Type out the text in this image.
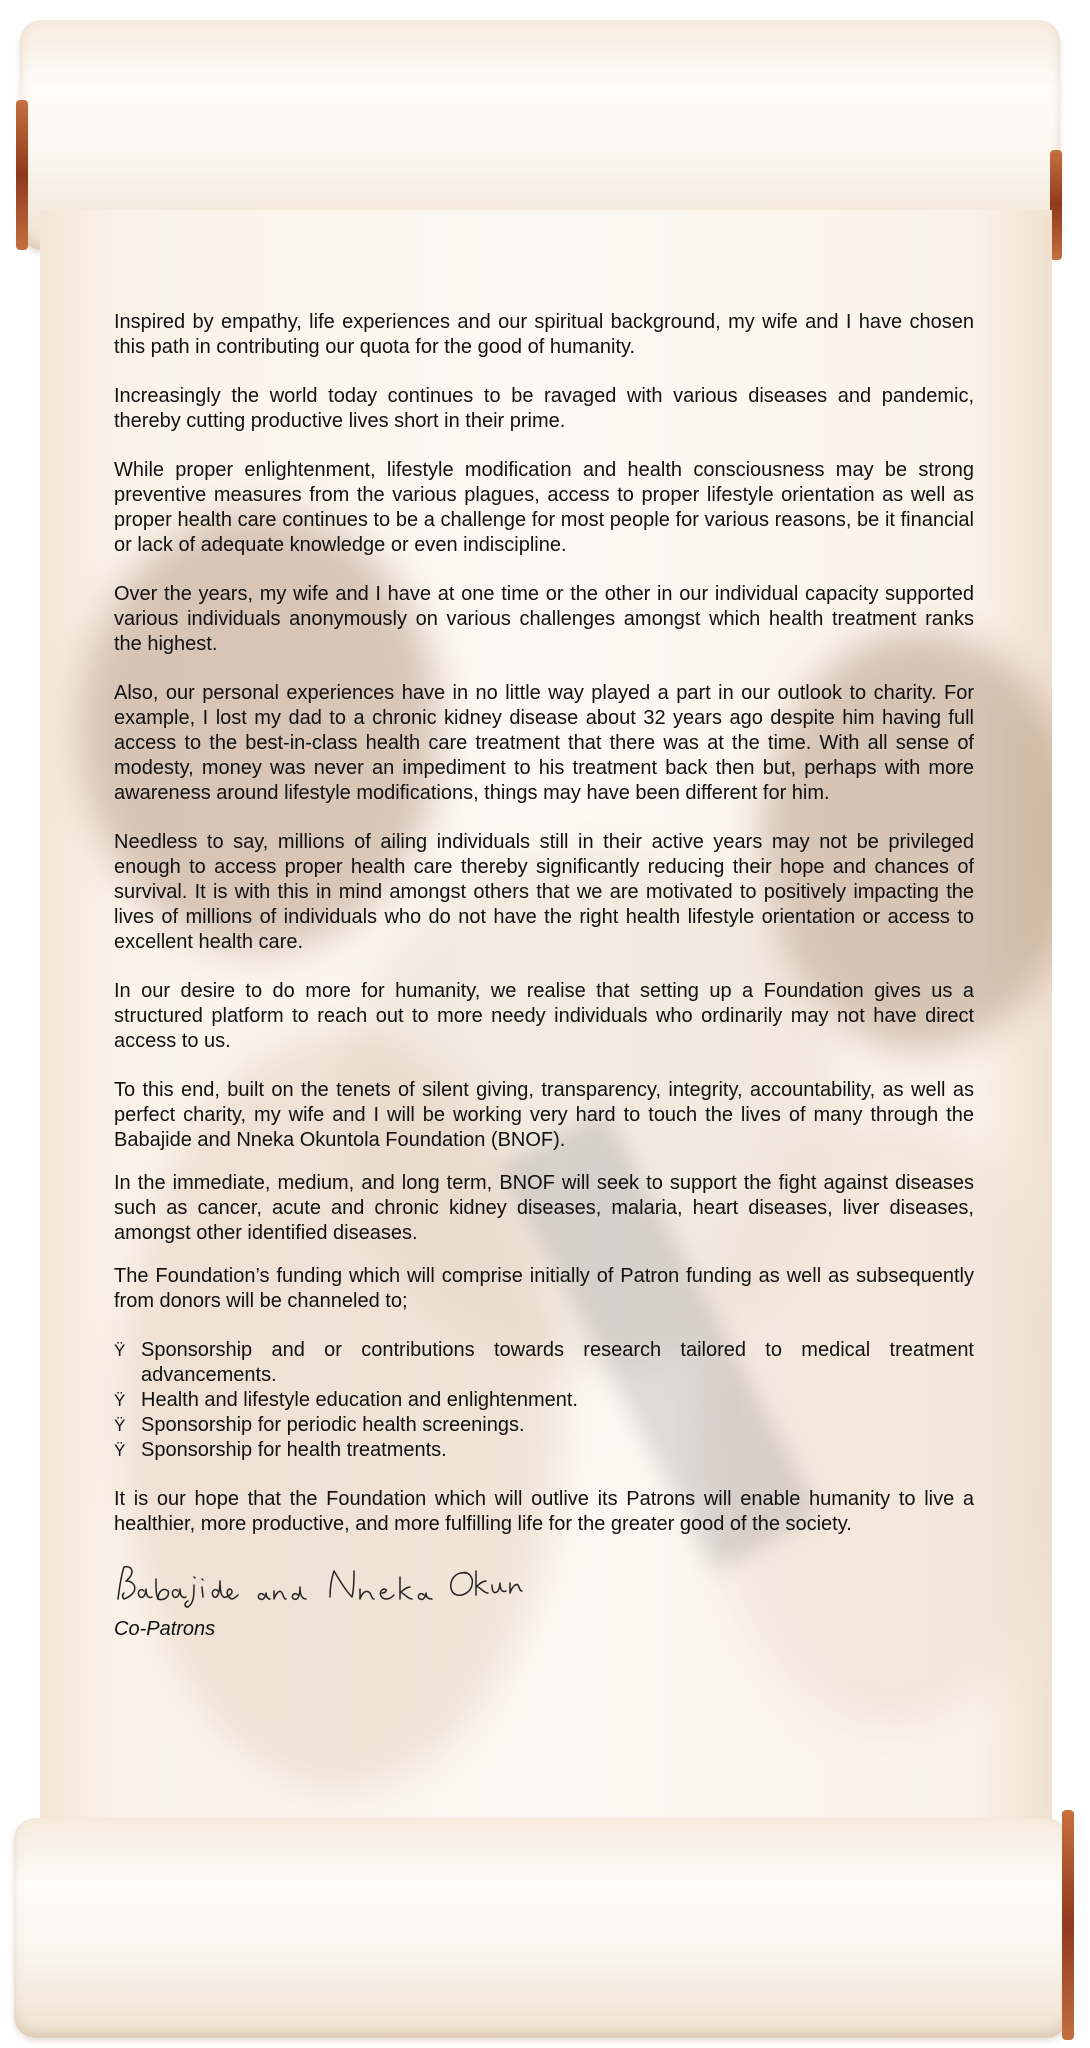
Inspired by empathy, life experiences and our spiritual background, my wife and I have chosen this path in contributing our quota for the good of humanity.

Increasingly the world today continues to be ravaged with various diseases and pandemic, thereby cutting productive lives short in their prime.

While proper enlightenment, lifestyle modification and health consciousness may be strong preventive measures from the various plagues, access to proper lifestyle orientation as well as proper health care continues to be a challenge for most people for various reasons, be it financial or lack of adequate knowledge or even indiscipline.

Over the years, my wife and I have at one time or the other in our individual capacity supported various individuals anonymously on various challenges amongst which health treatment ranks the highest.

Also, our personal experiences have in no little way played a part in our outlook to charity. For example, I lost my dad to a chronic kidney disease about 32 years ago despite him having full access to the best-in-class health care treatment that there was at the time. With all sense of modesty, money was never an impediment to his treatment back then but, perhaps with more awareness around lifestyle modifications, things may have been different for him.

Needless to say, millions of ailing individuals still in their active years may not be privileged enough to access proper health care thereby significantly reducing their hope and chances of survival. It is with this in mind amongst others that we are motivated to positively impacting the lives of millions of individuals who do not have the right health lifestyle orientation or access to excellent health care.

In our desire to do more for humanity, we realise that setting up a Foundation gives us a structured platform to reach out to more needy individuals who ordinarily may not have direct access to us.

To this end, built on the tenets of silent giving, transparency, integrity, accountability, as well as perfect charity, my wife and I will be working very hard to touch the lives of many through the Babajide and Nneka Okuntola Foundation (BNOF).

In the immediate, medium, and long term, BNOF will seek to support the fight against diseases such as cancer, acute and chronic kidney diseases, malaria, heart diseases, liver diseases, amongst other identified diseases.

The Foundation’s funding which will comprise initially of Patron funding as well as subsequently from donors will be channeled to;

Ÿ Sponsorship and or contributions towards research tailored to medical treatment advancements.
Ÿ Health and lifestyle education and enlightenment.
Ÿ Sponsorship for periodic health screenings.
Ÿ Sponsorship for health treatments.

It is our hope that the Foundation which will outlive its Patrons will enable humanity to live a healthier, more productive, and more fulfilling life for the greater good of the society.

Co-Patrons
